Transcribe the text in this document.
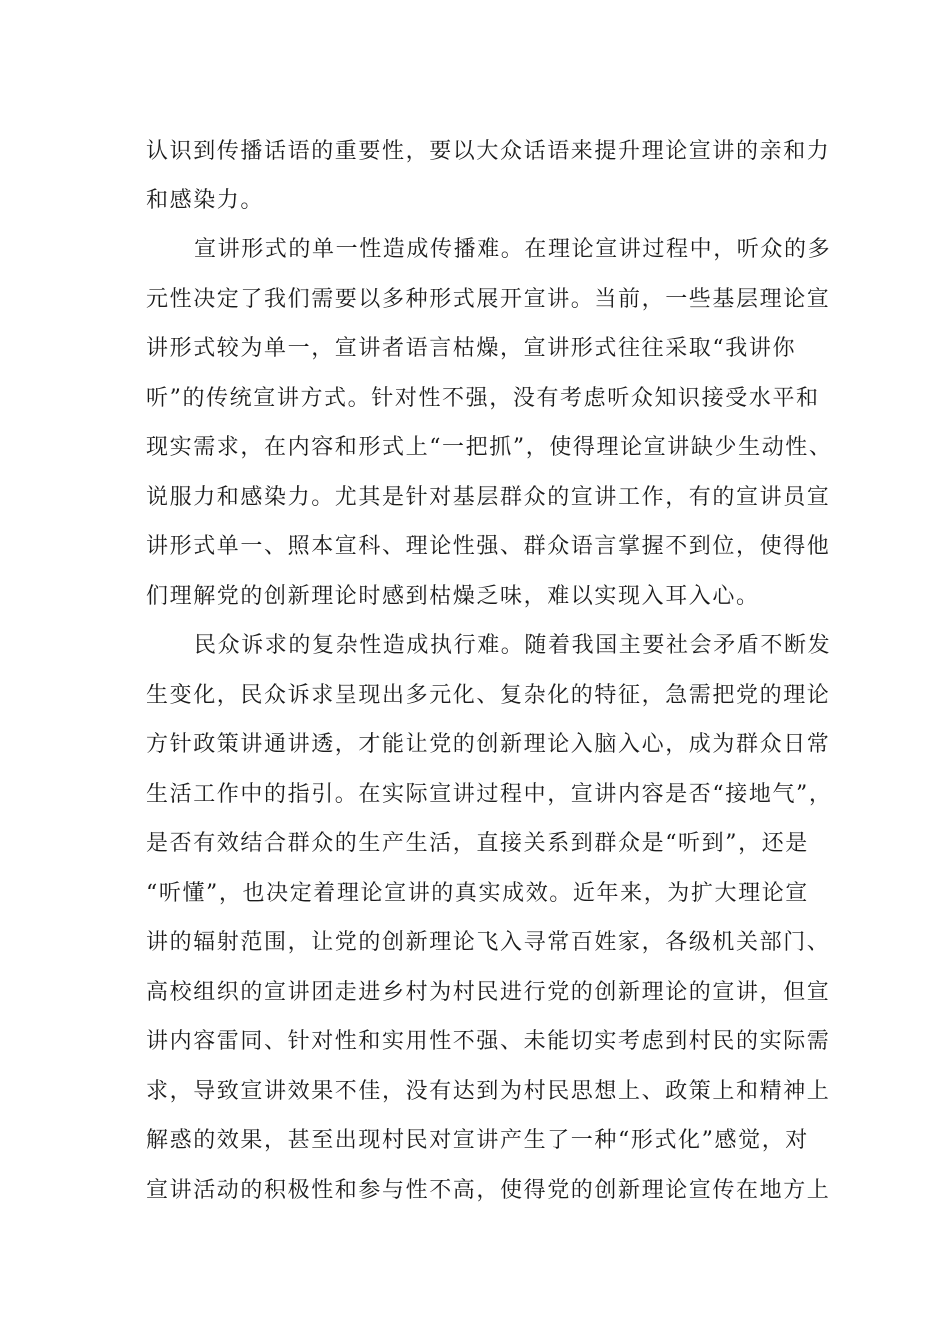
认识到传播话语的重要性，要以大众话语来提升理论宣讲的亲和力
和感染力。
宣讲形式的单一性造成传播难。在理论宣讲过程中，听众的多
元性决定了我们需要以多种形式展开宣讲。当前，一些基层理论宣
讲形式较为单一，宣讲者语言枯燥，宣讲形式往往采取“我讲你
听”的传统宣讲方式。针对性不强，没有考虑听众知识接受水平和
现实需求，在内容和形式上“一把抓”，使得理论宣讲缺少生动性、
说服力和感染力。尤其是针对基层群众的宣讲工作，有的宣讲员宣
讲形式单一、照本宣科、理论性强、群众语言掌握不到位，使得他
们理解党的创新理论时感到枯燥乏味，难以实现入耳入心。
民众诉求的复杂性造成执行难。随着我国主要社会矛盾不断发
生变化，民众诉求呈现出多元化、复杂化的特征，急需把党的理论
方针政策讲通讲透，才能让党的创新理论入脑入心，成为群众日常
生活工作中的指引。在实际宣讲过程中，宣讲内容是否“接地气”，
是否有效结合群众的生产生活，直接关系到群众是“听到”，还是
“听懂”，也决定着理论宣讲的真实成效。近年来，为扩大理论宣
讲的辐射范围，让党的创新理论飞入寻常百姓家，各级机关部门、
高校组织的宣讲团走进乡村为村民进行党的创新理论的宣讲，但宣
讲内容雷同、针对性和实用性不强、未能切实考虑到村民的实际需
求，导致宣讲效果不佳，没有达到为村民思想上、政策上和精神上
解惑的效果，甚至出现村民对宣讲产生了一种“形式化”感觉，对
宣讲活动的积极性和参与性不高，使得党的创新理论宣传在地方上
